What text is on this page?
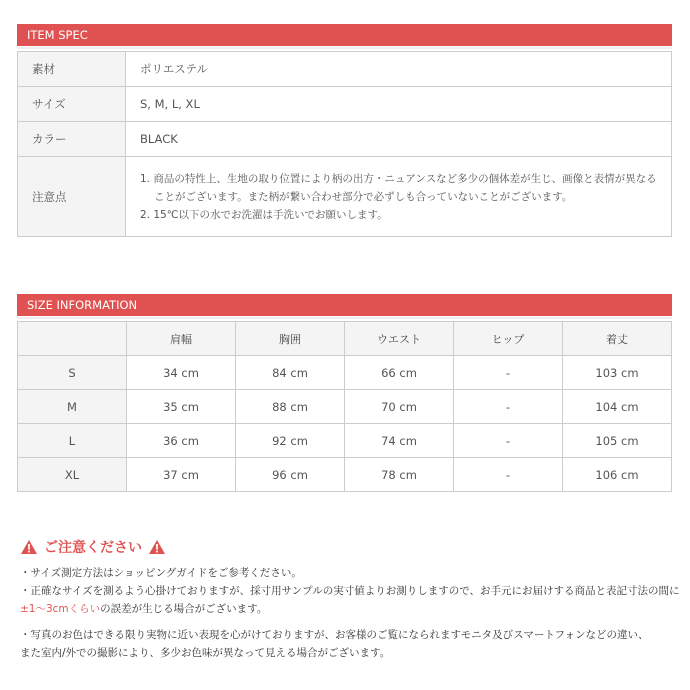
ITEM SPEC
素材	ポリエステル
サイズ	S, M, L, XL
カラー	BLACK
注意点	1. 商品の特性上、生地の取り位置により柄の出方・ニュアンスなど多少の個体差が生じ、画像と表情が異なることがございます。また柄が繋い合わせ部分で必ずしも合っていないことがございます。
2. 15℃以下の水でお洗濯は手洗いでお願いします。
SIZE INFORMATION
	肩幅	胸囲	ウエスト	ヒップ	着丈
S	34 cm	84 cm	66 cm	-	103 cm
M	35 cm	88 cm	70 cm	-	104 cm
L	36 cm	92 cm	74 cm	-	105 cm
XL	37 cm	96 cm	78 cm	-	106 cm
ご注意ください
・サイズ測定方法はショッピングガイドをご参考ください。
・正確なサイズを測るよう心掛けておりますが、採寸用サンプルの実寸値よりお測りしますので、お手元にお届けする商品と表記寸法の間に
±1～3cmくらいの誤差が生じる場合がございます。
・写真のお色はできる限り実物に近い表現を心がけておりますが、お客様のご覧になられますモニタ及びスマートフォンなどの違い、
また室内/外での撮影により、多少お色味が異なって見える場合がございます。
